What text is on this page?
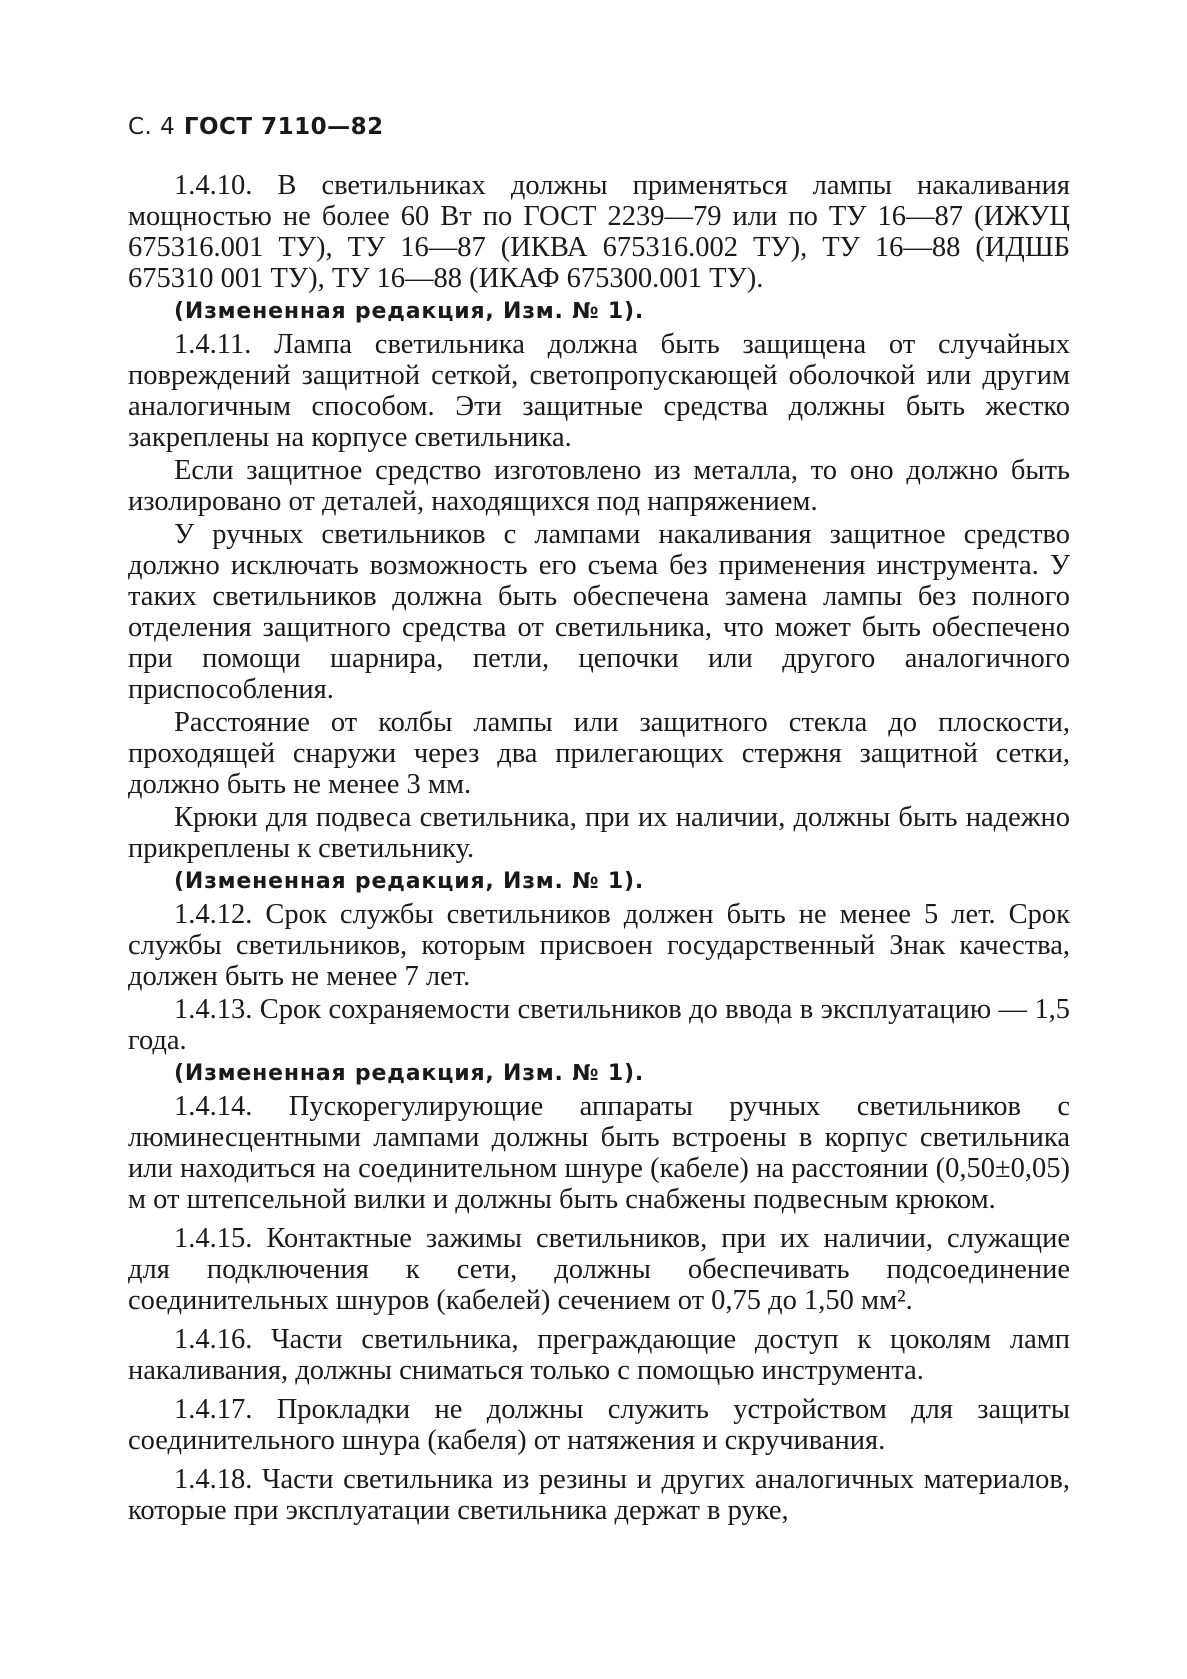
С. 4 ГОСТ 7110—82

1.4.10. В светильниках должны применяться лампы накаливания мощностью не более 60 Вт по ГОСТ 2239—79 или по ТУ 16—87 (ИЖУЦ 675316.001 ТУ), ТУ 16—87 (ИКВА 675316.002 ТУ), ТУ 16—88 (ИДШБ 675310 001 ТУ), ТУ 16—88 (ИКАФ 675300.001 ТУ).

(Измененная редакция, Изм. № 1).

1.4.11. Лампа светильника должна быть защищена от случайных повреждений защитной сеткой, светопропускающей оболочкой или другим аналогичным способом. Эти защитные средства должны быть жестко закреплены на корпусе светильника.

Если защитное средство изготовлено из металла, то оно должно быть изолировано от деталей, находящихся под напряжением.

У ручных светильников с лампами накаливания защитное средство должно исключать возможность его съема без применения инструмента. У таких светильников должна быть обеспечена замена лампы без полного отделения защитного средства от светильника, что может быть обеспечено при помощи шарнира, петли, цепочки или другого аналогичного приспособления.

Расстояние от колбы лампы или защитного стекла до плоскости, проходящей снаружи через два прилегающих стержня защитной сетки, должно быть не менее 3 мм.

Крюки для подвеса светильника, при их наличии, должны быть надежно прикреплены к светильнику.

(Измененная редакция, Изм. № 1).

1.4.12. Срок службы светильников должен быть не менее 5 лет. Срок службы светильников, которым присвоен государственный Знак качества, должен быть не менее 7 лет.

1.4.13. Срок сохраняемости светильников до ввода в эксплуатацию — 1,5 года.

(Измененная редакция, Изм. № 1).

1.4.14. Пускорегулирующие аппараты ручных светильников с люминесцентными лампами должны быть встроены в корпус светильника или находиться на соединительном шнуре (кабеле) на расстоянии (0,50±0,05) м от штепсельной вилки и должны быть снабжены подвесным крюком.

1.4.15. Контактные зажимы светильников, при их наличии, служащие для подключения к сети, должны обеспечивать подсоединение соединительных шнуров (кабелей) сечением от 0,75 до 1,50 мм².

1.4.16. Части светильника, преграждающие доступ к цоколям ламп накаливания, должны сниматься только с помощью инструмента.

1.4.17. Прокладки не должны служить устройством для защиты соединительного шнура (кабеля) от натяжения и скручивания.

1.4.18. Части светильника из резины и других аналогичных материалов, которые при эксплуатации светильника держат в руке,
